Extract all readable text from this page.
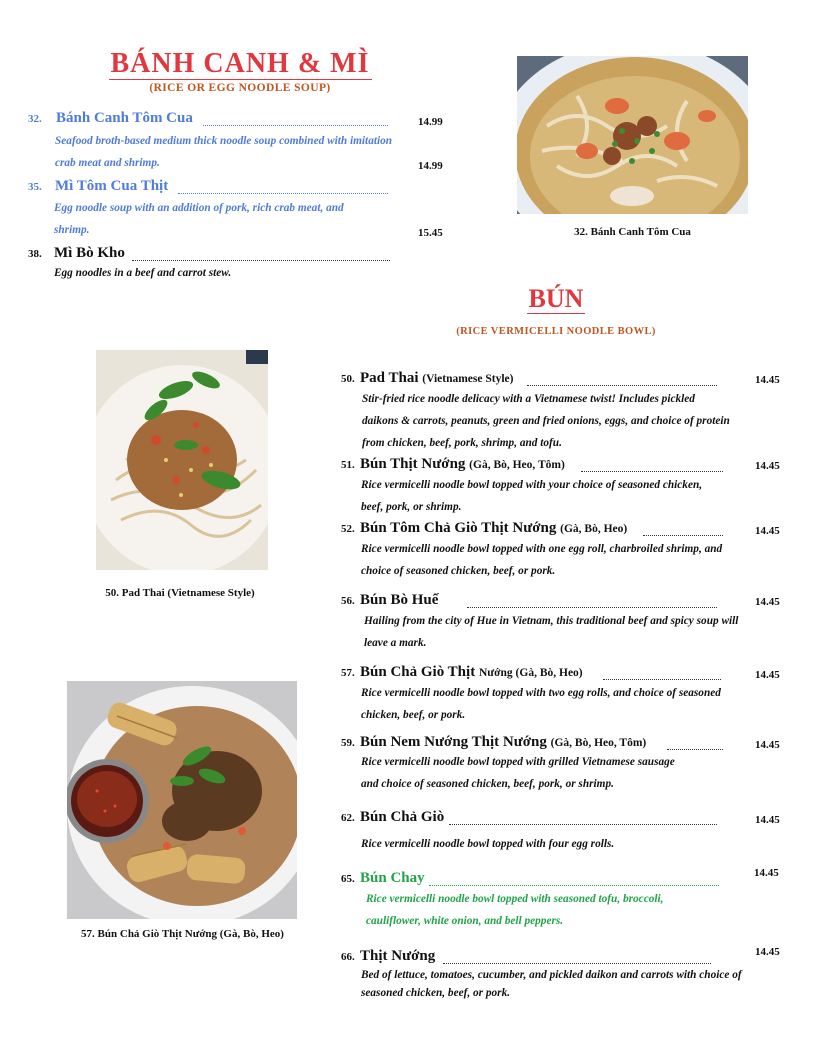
BÁNH CANH & MÌ
(RICE OR EGG NOODLE SOUP)
32. Bánh Canh Tôm Cua
Seafood broth-based medium thick noodle soup combined with imitation crab meat and shrimp.
14.99
35. Mì Tôm Cua Thịt
Egg noodle soup with an addition of pork, rich crab meat, and shrimp.
14.99
38. Mì Bò Kho
Egg noodles in a beef and carrot stew.
15.45	32. Bánh Canh Tôm Cua
BÚN
(RICE VERMICELLI NOODLE BOWL)
50. Pad Thai (Vietnamese Style)
Stir-fried rice noodle delicacy with a Vietnamese twist! Includes pickled daikons & carrots, peanuts, green and fried onions, eggs, and choice of protein from chicken, beef, pork, shrimp, and tofu.
14.45
51. Bún Thịt Nướng (Gà, Bò, Heo, Tôm)
Rice vermicelli noodle bowl topped with your choice of seasoned chicken, beef, pork, or shrimp.
14.45
52. Bún Tôm Chả Giò Thịt Nướng (Gà, Bò, Heo)
Rice vermicelli noodle bowl topped with one egg roll, charbroiled shrimp, and choice of seasoned chicken, beef, or pork.
14.45
56. Bún Bò Huế
Hailing from the city of Hue in Vietnam, this traditional beef and spicy soup will leave a mark.
14.45
57. Bún Chả Giò Thịt Nướng (Gà, Bò, Heo)
Rice vermicelli noodle bowl topped with two egg rolls, and choice of seasoned chicken, beef, or pork.
14.45
59. Bún Nem Nướng Thịt Nướng (Gà, Bò, Heo, Tôm)
Rice vermicelli noodle bowl topped with grilled Vietnamese sausage and choice of seasoned chicken, beef, pork, or shrimp.
14.45
62. Bún Chả Giò
Rice vermicelli noodle bowl topped with four egg rolls.
14.45
65. Bún Chay
Rice vermicelli noodle bowl topped with seasoned tofu, broccoli, cauliflower, white onion, and bell peppers.
14.45
66. Thịt Nướng
Bed of lettuce, tomatoes, cucumber, and pickled daikon and carrots with choice of seasoned chicken, beef, or pork.
14.45
50. Pad Thai (Vietnamese Style)
57. Bún Chả Giò Thịt Nướng (Gà, Bò, Heo)
